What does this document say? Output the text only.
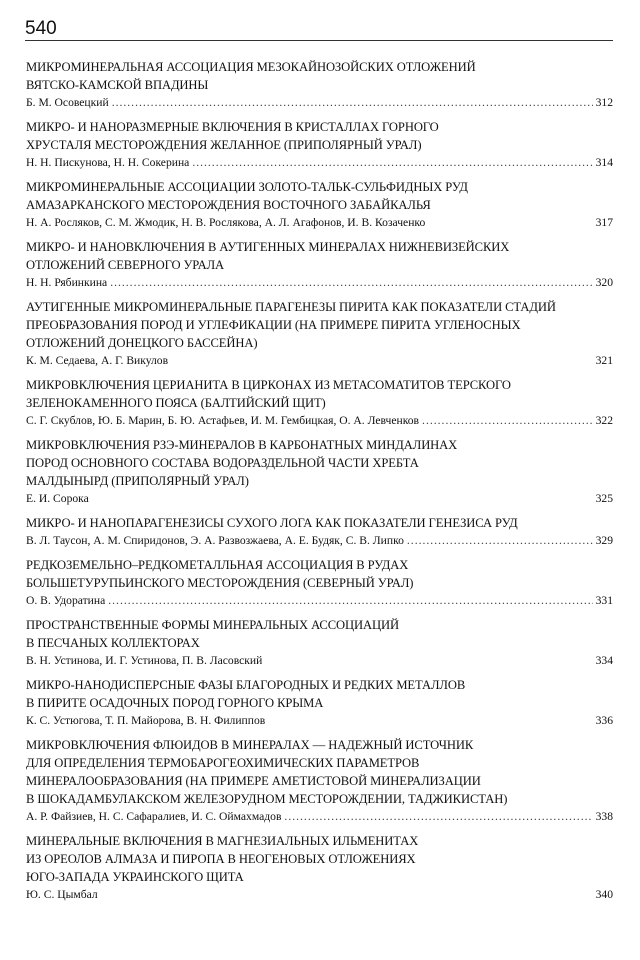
540
МИКРОМИНЕРАЛЬНАЯ АССОЦИАЦИЯ МЕЗОКАЙНОЗОЙСКИХ ОТЛОЖЕНИЙ
ВЯТСКО-КАМСКОЙ ВПАДИНЫ
Б. М. Осовецкий .....	312
МИКРО- И НАНОРАЗМЕРНЫЕ ВКЛЮЧЕНИЯ В КРИСТАЛЛАХ ГОРНОГО
ХРУСТАЛЯ МЕСТОРОЖДЕНИЯ ЖЕЛАННОЕ (ПРИПОЛЯРНЫЙ УРАЛ)
Н. Н. Пискунова, Н. Н. Сокерина .....	314
МИКРОМИНЕРАЛЬНЫЕ АССОЦИАЦИИ ЗОЛОТО-ТАЛЬК-СУЛЬФИДНЫХ РУД
АМАЗАРКАНСКОГО МЕСТОРОЖДЕНИЯ ВОСТОЧНОГО ЗАБАЙКАЛЬЯ
Н. А. Росляков, С. М. Жмодик, Н. В. Рослякова, А. Л. Агафонов, И. В. Козаченко	317
МИКРО- И НАНОВКЛЮЧЕНИЯ В АУТИГЕННЫХ МИНЕРАЛАХ НИЖНЕВИЗЕЙСКИХ
ОТЛОЖЕНИЙ СЕВЕРНОГО УРАЛА
Н. Н. Рябинкина .....	320
АУТИГЕННЫЕ МИКРОМИНЕРАЛЬНЫЕ ПАРАГЕНЕЗЫ ПИРИТА КАК ПОКАЗАТЕЛИ СТАДИЙ
ПРЕОБРАЗОВАНИЯ ПОРОД И УГЛЕФИКАЦИИ (НА ПРИМЕРЕ ПИРИТА УГЛЕНОСНЫХ
ОТЛОЖЕНИЙ ДОНЕЦКОГО БАССЕЙНА)
К. М. Седаева, А. Г. Викулов	321
МИКРОВКЛЮЧЕНИЯ ЦЕРИАНИТА В ЦИРКОНАХ ИЗ МЕТАСОМАТИТОВ ТЕРСКОГО
ЗЕЛЕНОКАМЕННОГО ПОЯСА (БАЛТИЙСКИЙ ЩИТ)
С. Г. Скублов, Ю. Б. Марин, Б. Ю. Астафьев, И. М. Гембицкая, О. А. Левченков .....	322
МИКРОВКЛЮЧЕНИЯ РЗЭ-МИНЕРАЛОВ В КАРБОНАТНЫХ МИНДАЛИНАХ
ПОРОД ОСНОВНОГО СОСТАВА ВОДОРАЗДЕЛЬНОЙ ЧАСТИ ХРЕБТА
МАЛДЫНЫРД (ПРИПОЛЯРНЫЙ УРАЛ)
Е. И. Сорока	325
МИКРО- И НАНОПАРАГЕНЕЗИСЫ СУХОГО ЛОГА КАК ПОКАЗАТЕЛИ ГЕНЕЗИСА РУД
В. Л. Таусон, А. М. Спиридонов, Э. А. Развозжаева, А. Е. Будяк, С. В. Липко .....	329
РЕДКОЗЕМЕЛЬНО–РЕДКОМЕТАЛЛЬНАЯ АССОЦИАЦИЯ В РУДАХ
БОЛЬШЕТУРУПЬИНСКОГО МЕСТОРОЖДЕНИЯ (СЕВЕРНЫЙ УРАЛ)
О. В. Удоратина .....	331
ПРОСТРАНСТВЕННЫЕ ФОРМЫ МИНЕРАЛЬНЫХ АССОЦИАЦИЙ
В ПЕСЧАНЫХ КОЛЛЕКТОРАХ
В. Н. Устинова, И. Г. Устинова, П. В. Ласовский	334
МИКРО-НАНОДИСПЕРСНЫЕ ФАЗЫ БЛАГОРОДНЫХ И РЕДКИХ МЕТАЛЛОВ
В ПИРИТЕ ОСАДОЧНЫХ ПОРОД ГОРНОГО КРЫМА
К. С. Устюгова, Т. П. Майорова, В. Н. Филиппов	336
МИКРОВКЛЮЧЕНИЯ ФЛЮИДОВ В МИНЕРАЛАХ — НАДЕЖНЫЙ ИСТОЧНИК
ДЛЯ ОПРЕДЕЛЕНИЯ ТЕРМОБАРОГЕОХИМИЧЕСКИХ ПАРАМЕТРОВ
МИНЕРАЛООБРАЗОВАНИЯ (НА ПРИМЕРЕ АМЕТИСТОВОЙ МИНЕРАЛИЗАЦИИ
В ШОКАДАМБУЛАКСКОМ ЖЕЛЕЗОРУДНОМ МЕСТОРОЖДЕНИИ, ТАДЖИКИСТАН)
А. Р. Файзиев, Н. С. Сафаралиев, И. С. Оймахмадов .....	338
МИНЕРАЛЬНЫЕ ВКЛЮЧЕНИЯ В МАГНЕЗИАЛЬНЫХ ИЛЬМЕНИТАХ
ИЗ ОРЕОЛОВ АЛМАЗА И ПИРОПА В НЕОГЕНОВЫХ ОТЛОЖЕНИЯХ
ЮГО-ЗАПАДА УКРАИНСКОГО ЩИТА
Ю. С. Цымбал	340
